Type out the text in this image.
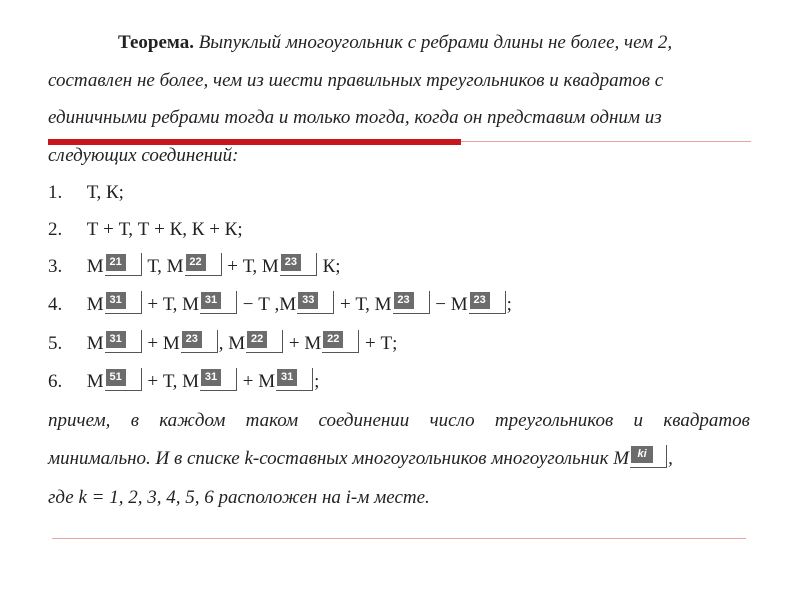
Теорема. Выпуклый многоугольник с ребрами длины не более, чем 2,
составлен не более, чем из шести правильных треугольников и квадратов с
единичными ребрами тогда и только тогда, когда он представим одним из
следующих соединений:
1. Т, К;
2. Т + Т, Т + К, К + К;
3. M 21 Т, M 22 + Т, M 23 К;
4. M 31 + Т, M 31 − Т ,M 33 + Т, M 23 − M 23 ;
5. M 31 + M 23 , M 22 + M 22 + Т;
6. M 51 + Т, M 31 + M 31 ;
причем, в каждом таком соединении число треугольников и квадратов
минимально. И в списке k-составных многоугольников многоугольник M ki	,
где k = 1, 2, 3, 4, 5, 6 расположен на i-м месте.
